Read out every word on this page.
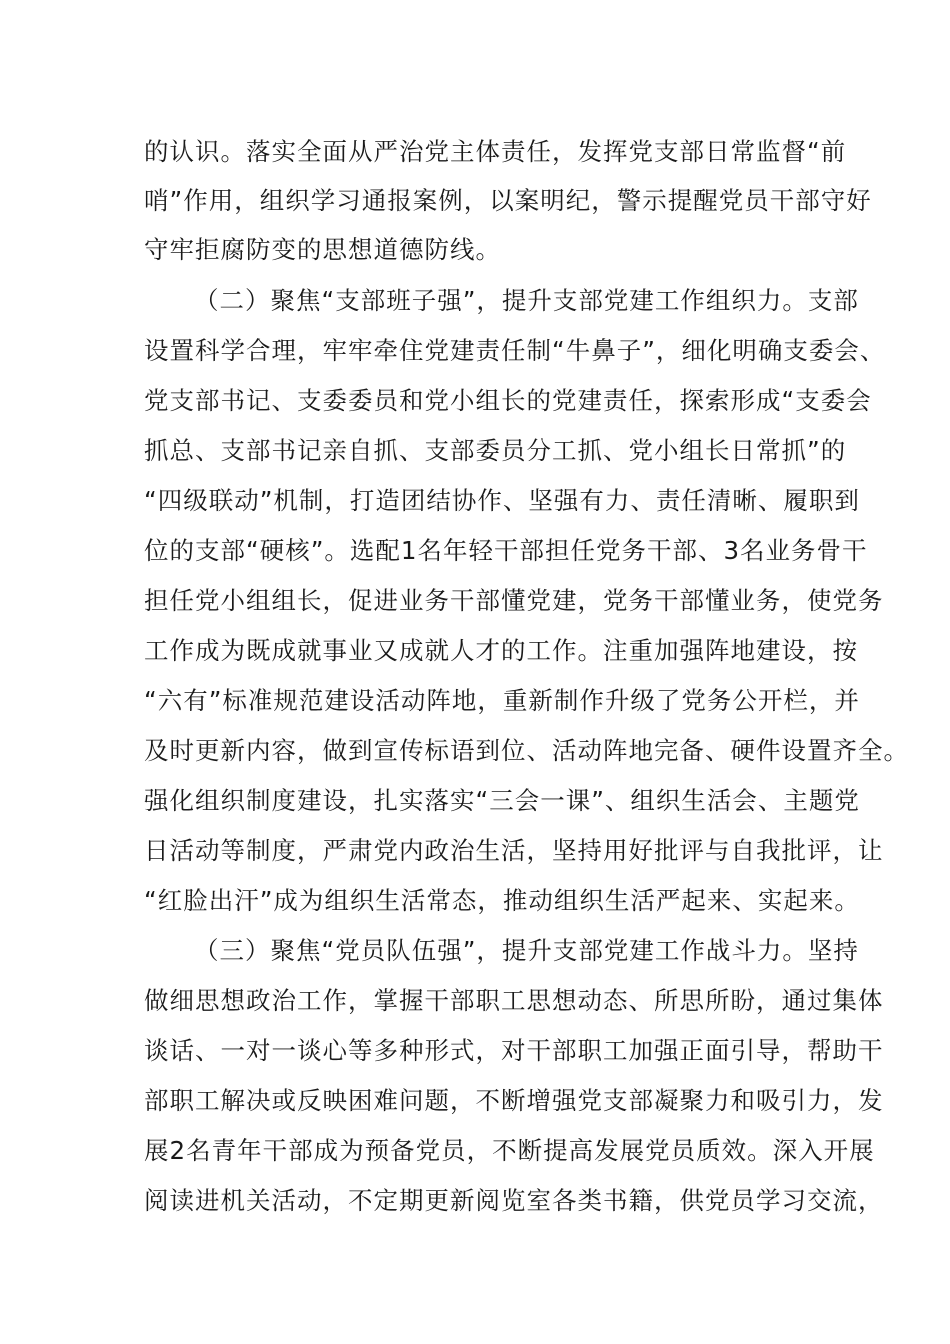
的认识。落实全面从严治党主体责任，发挥党支部日常监督“前
哨”作用，组织学习通报案例，以案明纪，警示提醒党员干部守好
守牢拒腐防变的思想道德防线。
（二）聚焦“支部班子强”，提升支部党建工作组织力。支部
设置科学合理，牢牢牵住党建责任制“牛鼻子”，细化明确支委会、
党支部书记、支委委员和党小组长的党建责任，探索形成“支委会
抓总、支部书记亲自抓、支部委员分工抓、党小组长日常抓”的
“四级联动”机制，打造团结协作、坚强有力、责任清晰、履职到
位的支部“硬核”。选配1名年轻干部担任党务干部、3名业务骨干
担任党小组组长，促进业务干部懂党建，党务干部懂业务，使党务
工作成为既成就事业又成就人才的工作。注重加强阵地建设，按
“六有”标准规范建设活动阵地，重新制作升级了党务公开栏，并
及时更新内容，做到宣传标语到位、活动阵地完备、硬件设置齐全。
强化组织制度建设，扎实落实“三会一课”、组织生活会、主题党
日活动等制度，严肃党内政治生活，坚持用好批评与自我批评，让
“红脸出汗”成为组织生活常态，推动组织生活严起来、实起来。
（三）聚焦“党员队伍强”，提升支部党建工作战斗力。坚持
做细思想政治工作，掌握干部职工思想动态、所思所盼，通过集体
谈话、一对一谈心等多种形式，对干部职工加强正面引导，帮助干
部职工解决或反映困难问题，不断增强党支部凝聚力和吸引力，发
展2名青年干部成为预备党员，不断提高发展党员质效。深入开展
阅读进机关活动，不定期更新阅览室各类书籍，供党员学习交流，
